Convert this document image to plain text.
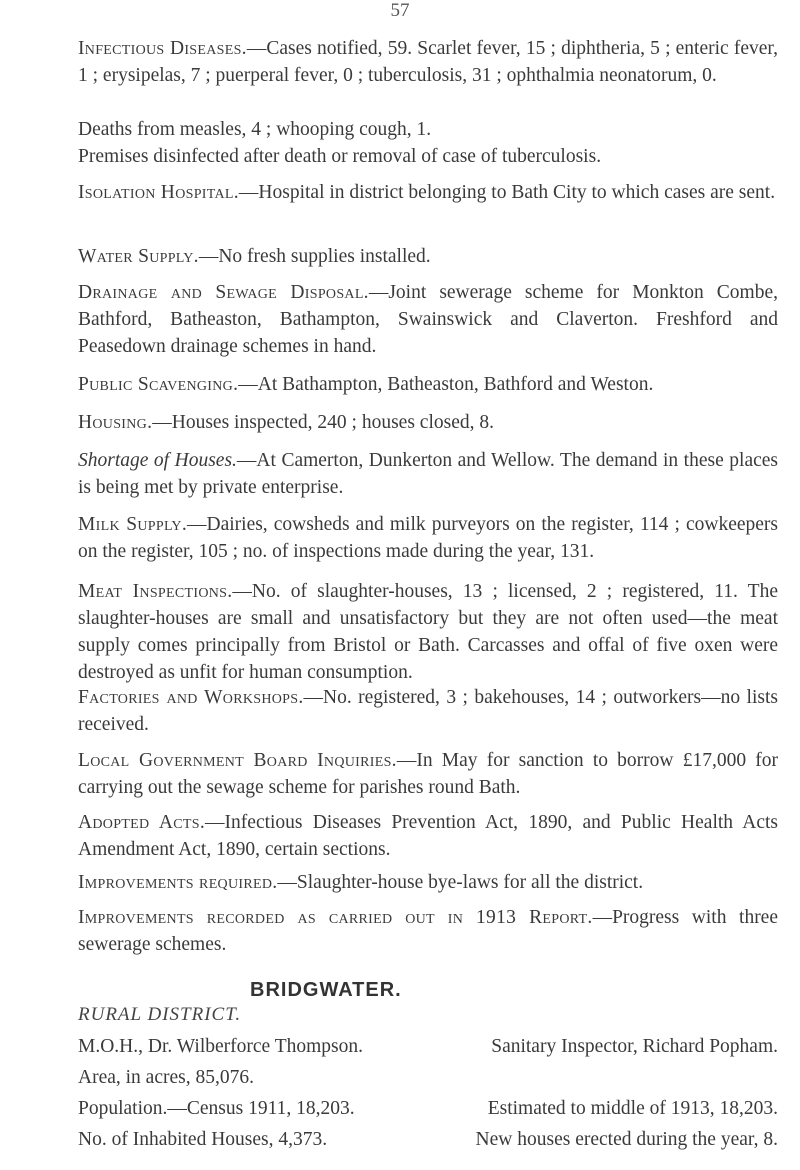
57

Infectious Diseases.—Cases notified, 59. Scarlet fever, 15 ; diphtheria, 5 ; enteric fever, 1 ; erysipelas, 7 ; puerperal fever, 0 ; tuberculosis, 31 ; ophthalmia neonatorum, 0.

Deaths from measles, 4 ; whooping cough, 1.

Premises disinfected after death or removal of case of tuberculosis.

Isolation Hospital.—Hospital in district belonging to Bath City to which cases are sent.

Water Supply.—No fresh supplies installed.

Drainage and Sewage Disposal.—Joint sewerage scheme for Monkton Combe, Bathford, Batheaston, Bathampton, Swainswick and Claverton. Freshford and Peasedown drainage schemes in hand.

Public Scavenging.—At Bathampton, Batheaston, Bathford and Weston.

Housing.—Houses inspected, 240 ; houses closed, 8.

Shortage of Houses.—At Camerton, Dunkerton and Wellow. The demand in these places is being met by private enterprise.

Milk Supply.—Dairies, cowsheds and milk purveyors on the register, 114 ; cowkeepers on the register, 105 ; no. of inspections made during the year, 131.

Meat Inspections.—No. of slaughter-houses, 13 ; licensed, 2 ; registered, 11. The slaughter-houses are small and unsatisfactory but they are not often used—the meat supply comes principally from Bristol or Bath. Carcasses and offal of five oxen were destroyed as unfit for human consumption.

Factories and Workshops.—No. registered, 3 ; bakehouses, 14 ; outworkers—no lists received.

Local Government Board Inquiries.—In May for sanction to borrow £17,000 for carrying out the sewage scheme for parishes round Bath.

Adopted Acts.—Infectious Diseases Prevention Act, 1890, and Public Health Acts Amendment Act, 1890, certain sections.

Improvements required.—Slaughter-house bye-laws for all the district.

Improvements recorded as carried out in 1913 Report.—Progress with three sewerage schemes.

BRIDGWATER.
RURAL DISTRICT.
M.O.H., Dr. Wilberforce Thompson.	Sanitary Inspector, Richard Popham.
Area, in acres, 85,076.
Population.—Census 1911, 18,203.	Estimated to middle of 1913, 18,203.
No. of Inhabited Houses, 4,373.	New houses erected during the year, 8.
